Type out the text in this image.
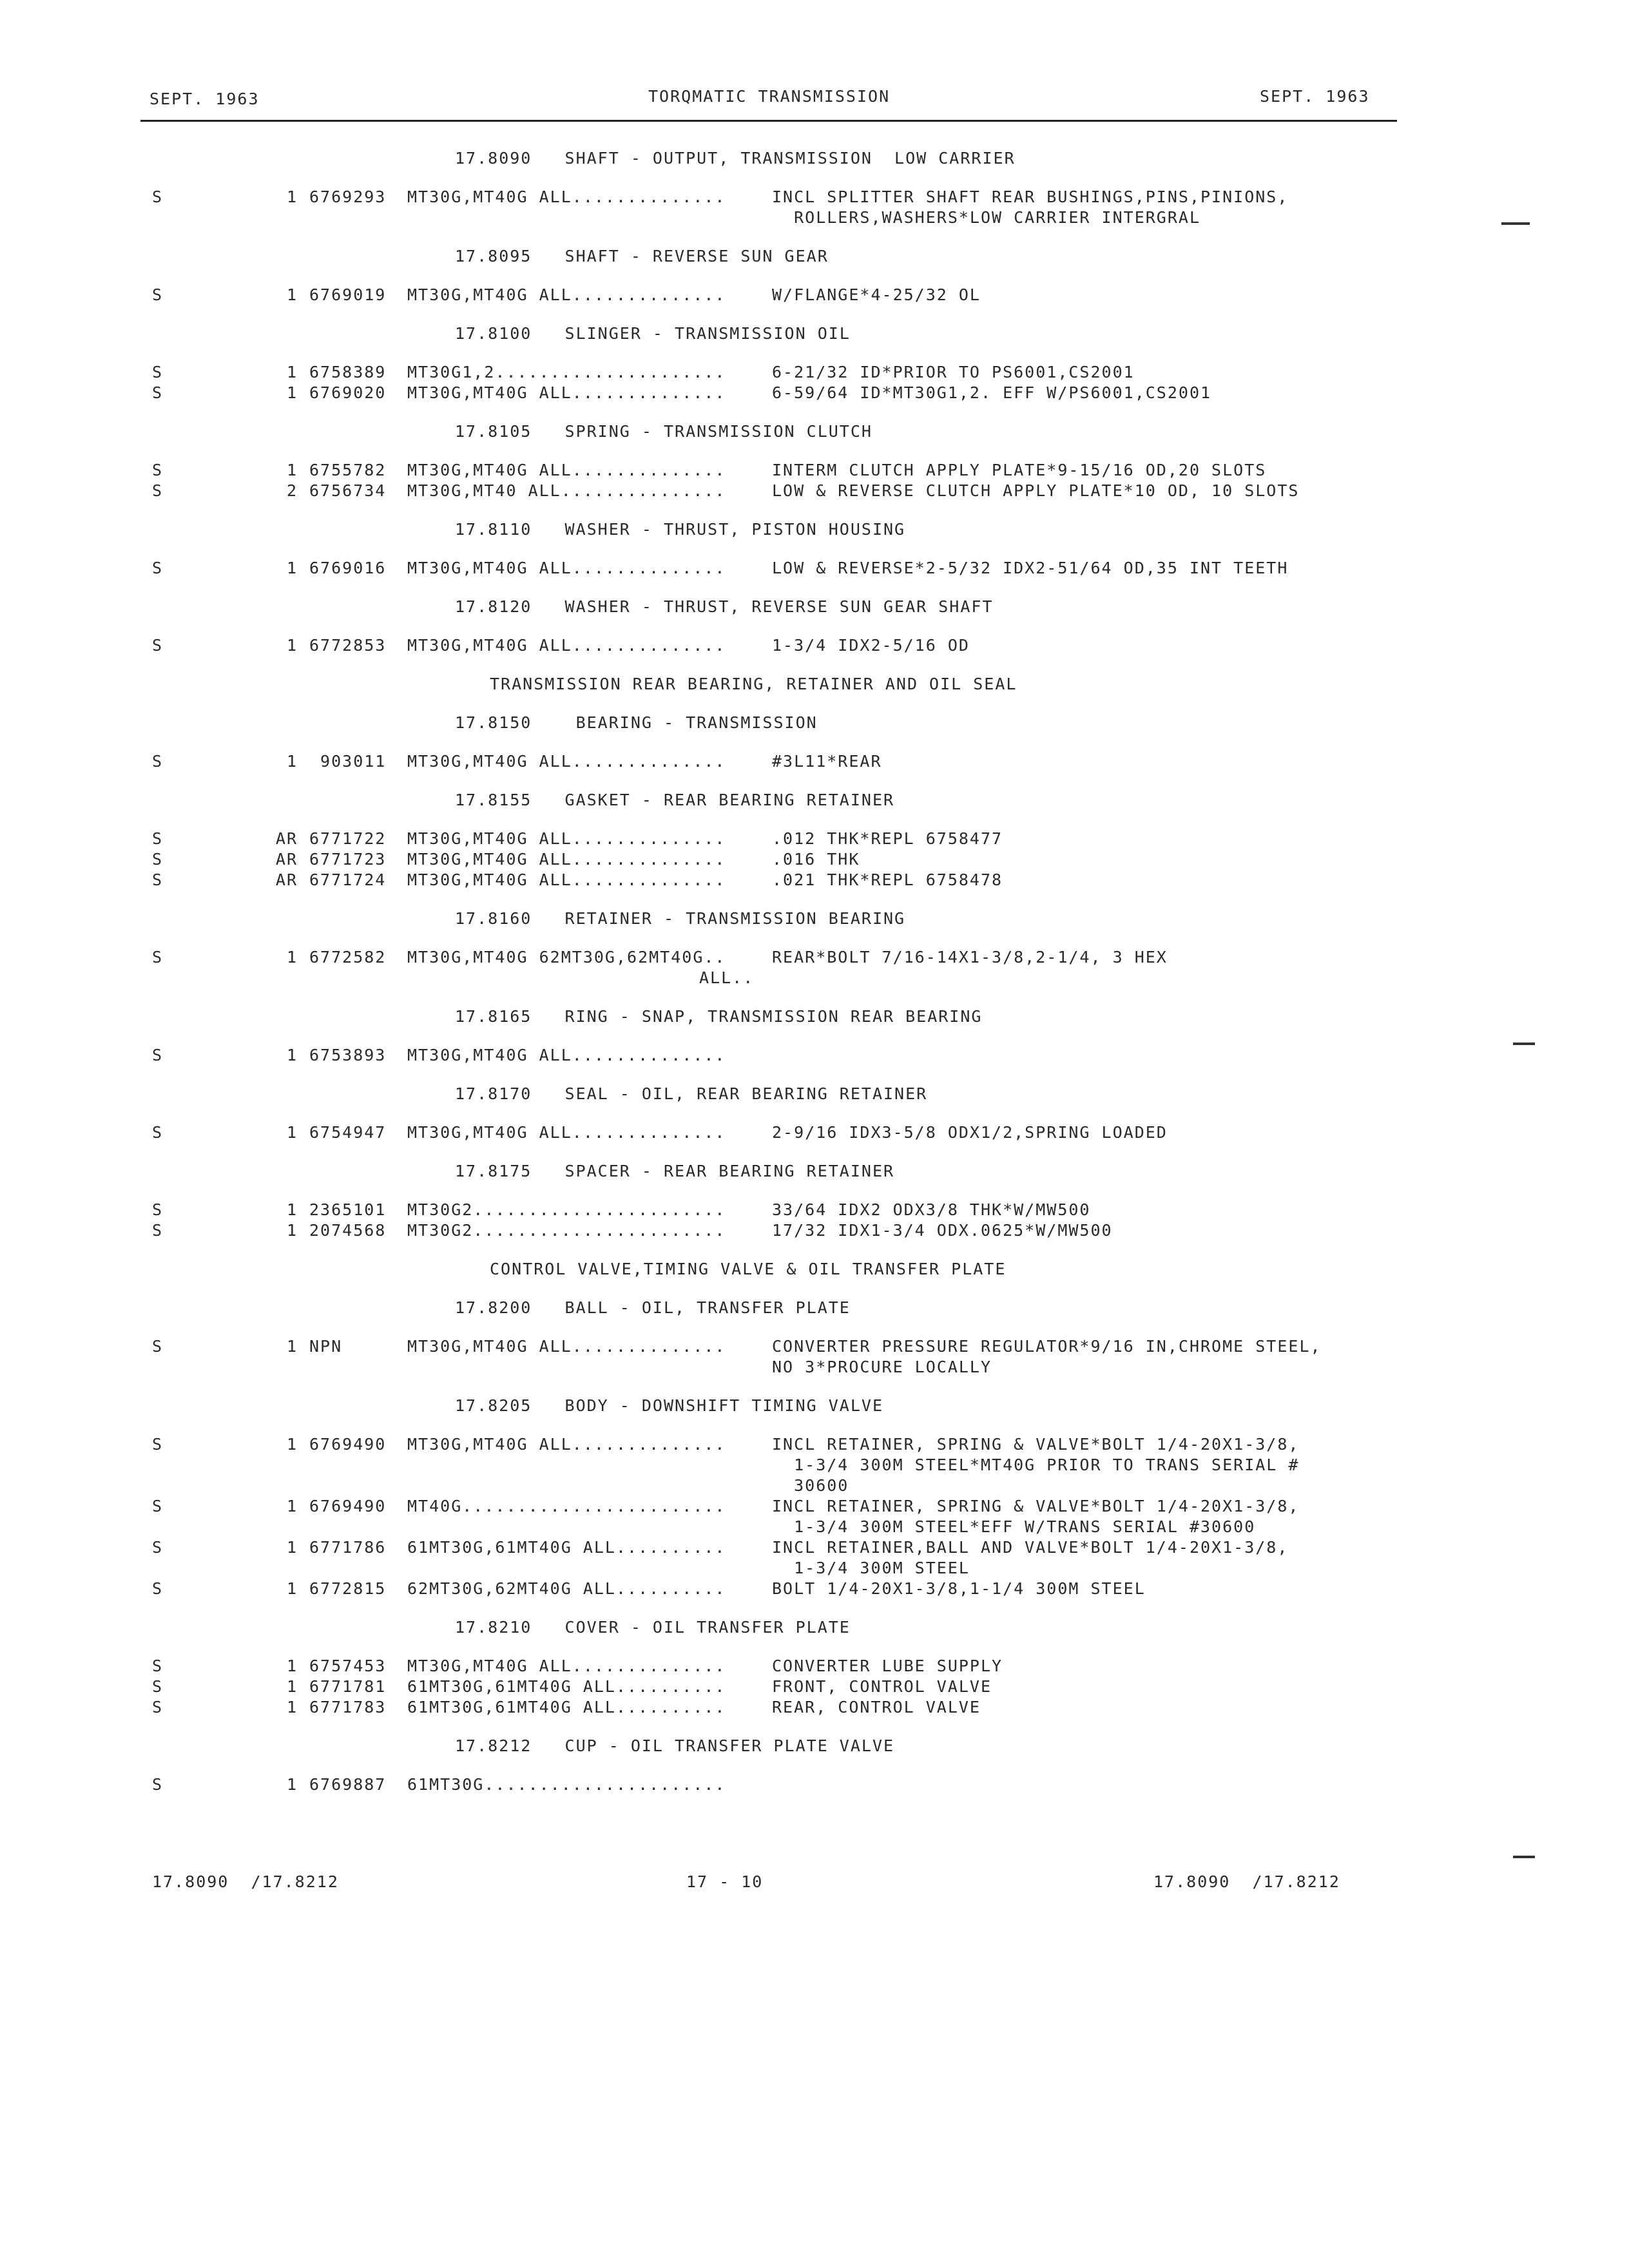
SEPT. 1963	TORQMATIC TRANSMISSION	SEPT. 1963
17.8090   SHAFT - OUTPUT, TRANSMISSION  LOW CARRIER
S	1 6769293 MT30G,MT40G ALL..............	INCL SPLITTER SHAFT REAR BUSHINGS,PINS,PINIONS,
ROLLERS,WASHERS*LOW CARRIER INTERGRAL
17.8095   SHAFT - REVERSE SUN GEAR
S	1 6769019 MT30G,MT40G ALL..............	W/FLANGE*4-25/32 OL
17.8100   SLINGER - TRANSMISSION OIL
S	1 6758389 MT30G1,2.....................	6-21/32 ID*PRIOR TO PS6001,CS2001
S	1 6769020 MT30G,MT40G ALL..............	6-59/64 ID*MT30G1,2. EFF W/PS6001,CS2001
17.8105   SPRING - TRANSMISSION CLUTCH
S	1 6755782 MT30G,MT40G ALL..............	INTERM CLUTCH APPLY PLATE*9-15/16 OD,20 SLOTS
S	2 6756734 MT30G,MT40 ALL...............	LOW & REVERSE CLUTCH APPLY PLATE*10 OD, 10 SLOTS
17.8110   WASHER - THRUST, PISTON HOUSING
S	1 6769016 MT30G,MT40G ALL..............	LOW & REVERSE*2-5/32 IDX2-51/64 OD,35 INT TEETH
17.8120   WASHER - THRUST, REVERSE SUN GEAR SHAFT
S	1 6772853 MT30G,MT40G ALL..............	1-3/4 IDX2-5/16 OD
TRANSMISSION REAR BEARING, RETAINER AND OIL SEAL
17.8150    BEARING - TRANSMISSION
S	1 903011 MT30G,MT40G ALL..............	#3L11*REAR
17.8155   GASKET - REAR BEARING RETAINER
S	AR 6771722 MT30G,MT40G ALL..............	.012 THK*REPL 6758477
S	AR 6771723 MT30G,MT40G ALL..............	.016 THK
S	AR 6771724 MT30G,MT40G ALL..............	.021 THK*REPL 6758478
17.8160   RETAINER - TRANSMISSION BEARING
S	1 6772582 MT30G,MT40G 62MT30G,62MT40G..	REAR*BOLT 7/16-14X1-3/8,2-1/4, 3 HEX
ALL..
17.8165   RING - SNAP, TRANSMISSION REAR BEARING
S	1 6753893 MT30G,MT40G ALL..............
17.8170   SEAL - OIL, REAR BEARING RETAINER
S	1 6754947 MT30G,MT40G ALL..............	2-9/16 IDX3-5/8 ODX1/2,SPRING LOADED
17.8175   SPACER - REAR BEARING RETAINER
S	1 2365101 MT30G2.......................	33/64 IDX2 ODX3/8 THK*W/MW500
S	1 2074568 MT30G2.......................	17/32 IDX1-3/4 ODX.0625*W/MW500
CONTROL VALVE,TIMING VALVE & OIL TRANSFER PLATE
17.8200   BALL - OIL, TRANSFER PLATE
S	1 NPN MT30G,MT40G ALL..............	CONVERTER PRESSURE REGULATOR*9/16 IN,CHROME STEEL,
NO 3*PROCURE LOCALLY
17.8205   BODY - DOWNSHIFT TIMING VALVE
S	1 6769490 MT30G,MT40G ALL..............	INCL RETAINER, SPRING & VALVE*BOLT 1/4-20X1-3/8,
1-3/4 300M STEEL*MT40G PRIOR TO TRANS SERIAL #
30600
S	1 6769490 MT40G........................	INCL RETAINER, SPRING & VALVE*BOLT 1/4-20X1-3/8,
1-3/4 300M STEEL*EFF W/TRANS SERIAL #30600
S	1 6771786 61MT30G,61MT40G ALL..........	INCL RETAINER,BALL AND VALVE*BOLT 1/4-20X1-3/8,
1-3/4 300M STEEL
S	1 6772815 62MT30G,62MT40G ALL..........	BOLT 1/4-20X1-3/8,1-1/4 300M STEEL
17.8210   COVER - OIL TRANSFER PLATE
S	1 6757453 MT30G,MT40G ALL..............	CONVERTER LUBE SUPPLY
S	1 6771781 61MT30G,61MT40G ALL..........	FRONT, CONTROL VALVE
S	1 6771783 61MT30G,61MT40G ALL..........	REAR, CONTROL VALVE
17.8212   CUP - OIL TRANSFER PLATE VALVE
S	1 6769887 61MT30G......................
17.8090  /17.8212	17 - 10	17.8090  /17.8212
